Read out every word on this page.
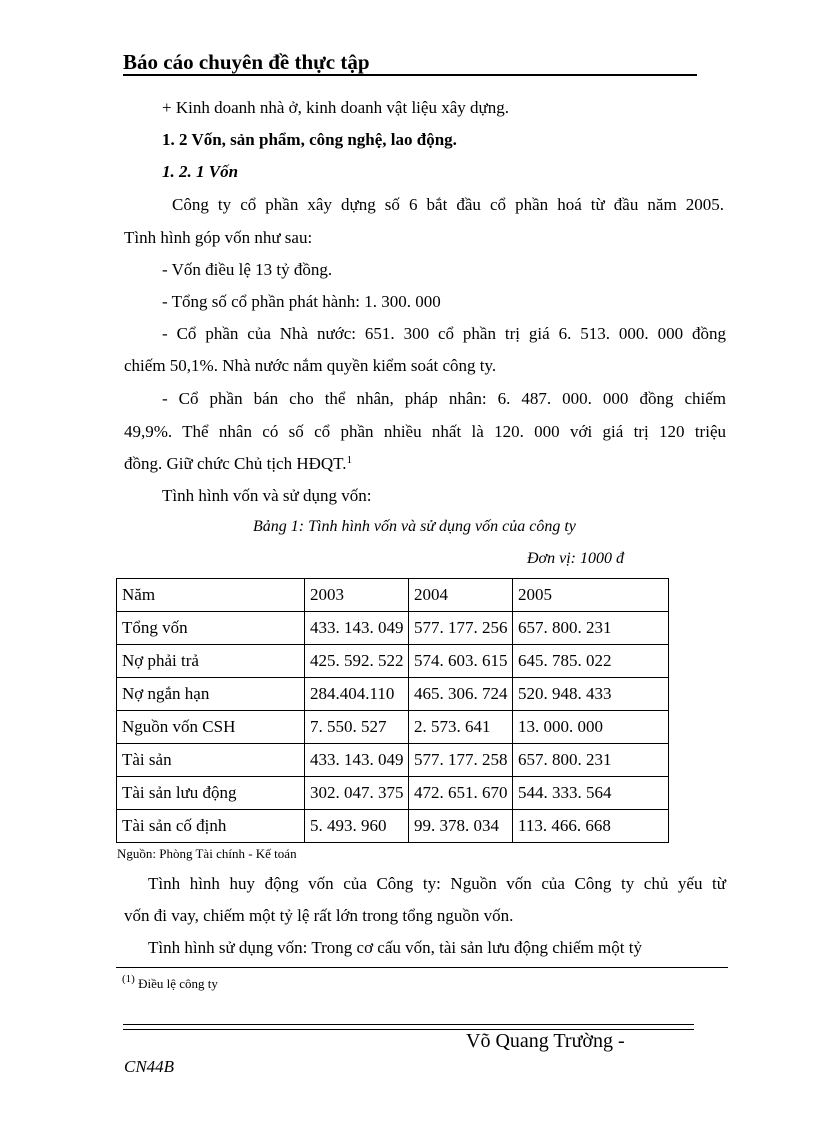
Báo cáo chuyên đề thực tập
+ Kinh doanh nhà ở, kinh doanh vật liệu xây dựng.
1. 2 Vốn, sản phẩm, công nghệ, lao động.
1. 2. 1 Vốn
Công ty cổ phần xây dựng số 6 bắt đầu cổ phần hoá từ đầu năm 2005.
Tình hình góp vốn như sau:
- Vốn điều lệ 13 tỷ đồng.
- Tổng số cổ phần phát hành: 1. 300. 000
- Cổ phần của Nhà nước: 651. 300 cổ phần trị giá 6. 513. 000. 000 đồng
chiếm 50,1%. Nhà nước nắm quyền kiểm soát công ty.
- Cổ phần bán cho thể nhân, pháp nhân: 6. 487. 000. 000 đồng chiếm
49,9%. Thể nhân có số cổ phần nhiều nhất là 120. 000 với giá trị 120 triệu
đồng. Giữ chức Chủ tịch HĐQT.$^1$
Tình hình vốn và sử dụng vốn:
Bảng 1: Tình hình vốn và sử dụng vốn của công ty
Đơn vị: 1000 đ
Năm	2003	2004	2005
Tổng vốn	433. 143. 049	577. 177. 256	657. 800. 231
Nợ phải trả	425. 592. 522	574. 603. 615	645. 785. 022
Nợ ngắn hạn	284.404.110	465. 306. 724	520. 948. 433
Nguồn vốn CSH	7. 550. 527	2. 573. 641	13. 000. 000
Tài sản	433. 143. 049	577. 177. 258	657. 800. 231
Tài sản lưu động	302. 047. 375	472. 651. 670	544. 333. 564
Tài sản cố định	5. 493. 960	99. 378. 034	113. 466. 668
Nguồn: Phòng Tài chính - Kế toán
Tình hình huy động vốn của Công ty: Nguồn vốn của Công ty chủ yếu từ
vốn đi vay, chiếm một tỷ lệ rất lớn trong tổng nguồn vốn.
Tình hình sử dụng vốn: Trong cơ cấu vốn, tài sản lưu động chiếm một tỷ
$^{(1)}$ Điều lệ công ty
Võ Quang Trường -
CN44B
